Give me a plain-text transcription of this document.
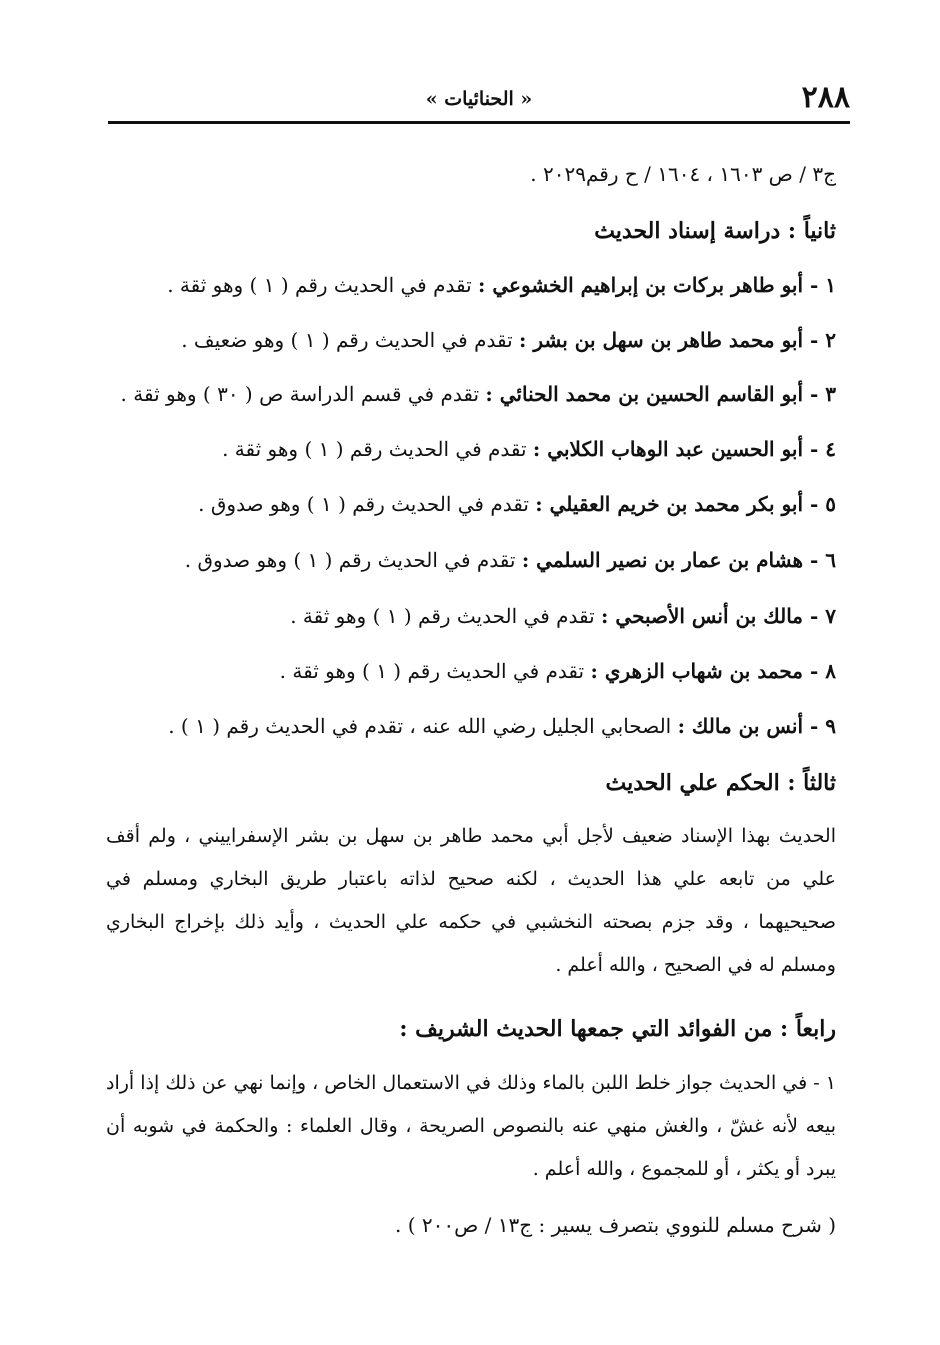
٢٨٨
« الحنائيات »
ج٣ / ص ١٦٠٣ ، ١٦٠٤ / ح رقم٢٠٢٩ .
ثانياً : دراسة إسناد الحديث
١ - أبو طاهر بركات بن إبراهيم الخشوعي : تقدم في الحديث رقم ( ١ ) وهو ثقة .
٢ - أبو محمد طاهر بن سهل بن بشر : تقدم في الحديث رقم ( ١ ) وهو ضعيف .
٣ - أبو القاسم الحسين بن محمد الحنائي : تقدم في قسم الدراسة ص ( ٣٠ ) وهو ثقة .
٤ - أبو الحسين عبد الوهاب الكلابي : تقدم في الحديث رقم ( ١ ) وهو ثقة .
٥ - أبو بكر محمد بن خريم العقيلي : تقدم في الحديث رقم ( ١ ) وهو صدوق .
٦ - هشام بن عمار بن نصير السلمي : تقدم في الحديث رقم ( ١ ) وهو صدوق .
٧ - مالك بن أنس الأصبحي : تقدم في الحديث رقم ( ١ ) وهو ثقة .
٨ - محمد بن شهاب الزهري : تقدم في الحديث رقم ( ١ ) وهو ثقة .
٩ - أنس بن مالك : الصحابي الجليل رضي الله عنه ، تقدم في الحديث رقم ( ١ ) .
ثالثاً : الحكم علي الحديث
الحديث بهذا الإسناد ضعيف لأجل أبي محمد طاهر بن سهل بن بشر الإسفراييني ، ولم أقف علي من تابعه علي هذا الحديث ، لكنه صحيح لذاته باعتبار طريق البخاري ومسلم في صحيحيهما ، وقد جزم بصحته النخشبي في حكمه علي الحديث ، وأيد ذلك بإخراج البخاري ومسلم له في الصحيح ، والله أعلم .
رابعاً : من الفوائد التي جمعها الحديث الشريف :
١ - في الحديث جواز خلط اللبن بالماء وذلك في الاستعمال الخاص ، وإنما نهي عن ذلك إذا أراد بيعه لأنه غشّ ، والغش منهي عنه بالنصوص الصريحة ، وقال العلماء : والحكمة في شوبه أن يبرد أو يكثر ، أو للمجموع ، والله أعلم .
( شرح مسلم للنووي بتصرف يسير : ج١٣ / ص٢٠٠ ) .
